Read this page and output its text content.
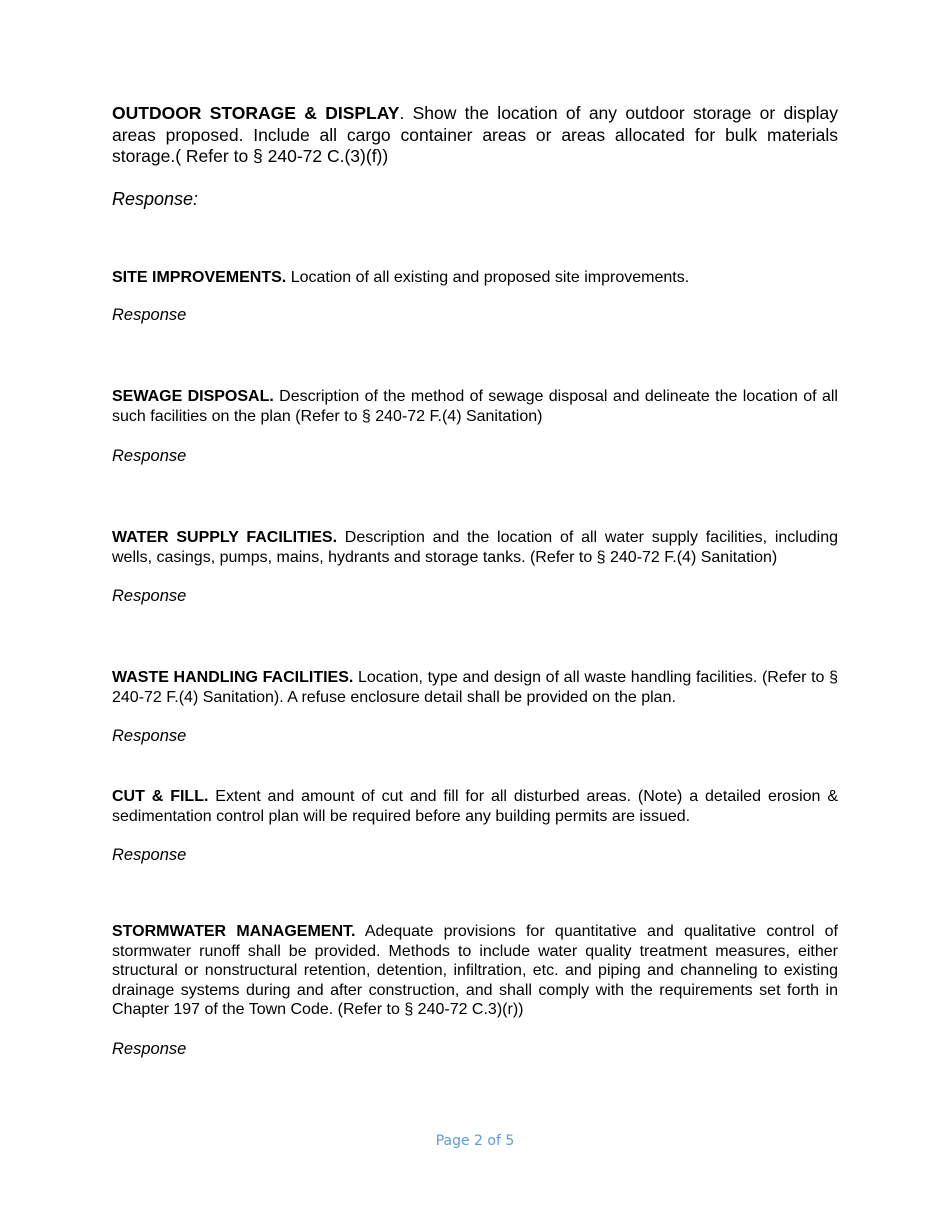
OUTDOOR STORAGE & DISPLAY. Show the location of any outdoor storage or display areas proposed. Include all cargo container areas or areas allocated for bulk materials storage.( Refer to § 240-72 C.(3)(f))

Response:

SITE IMPROVEMENTS. Location of all existing and proposed site improvements.

Response

SEWAGE DISPOSAL. Description of the method of sewage disposal and delineate the location of all such facilities on the plan (Refer to § 240-72 F.(4) Sanitation)

Response

WATER SUPPLY FACILITIES. Description and the location of all water supply facilities, including wells, casings, pumps, mains, hydrants and storage tanks. (Refer to § 240-72 F.(4) Sanitation)

Response

WASTE HANDLING FACILITIES. Location, type and design of all waste handling facilities. (Refer to § 240-72 F.(4) Sanitation). A refuse enclosure detail shall be provided on the plan.

Response

CUT & FILL. Extent and amount of cut and fill for all disturbed areas. (Note) a detailed erosion & sedimentation control plan will be required before any building permits are issued.

Response

STORMWATER MANAGEMENT. Adequate provisions for quantitative and qualitative control of stormwater runoff shall be provided. Methods to include water quality treatment measures, either structural or nonstructural retention, detention, infiltration, etc. and piping and channeling to existing drainage systems during and after construction, and shall comply with the requirements set forth in Chapter 197 of the Town Code. (Refer to § 240-72 C.3)(r))

Response

Page 2 of 5
